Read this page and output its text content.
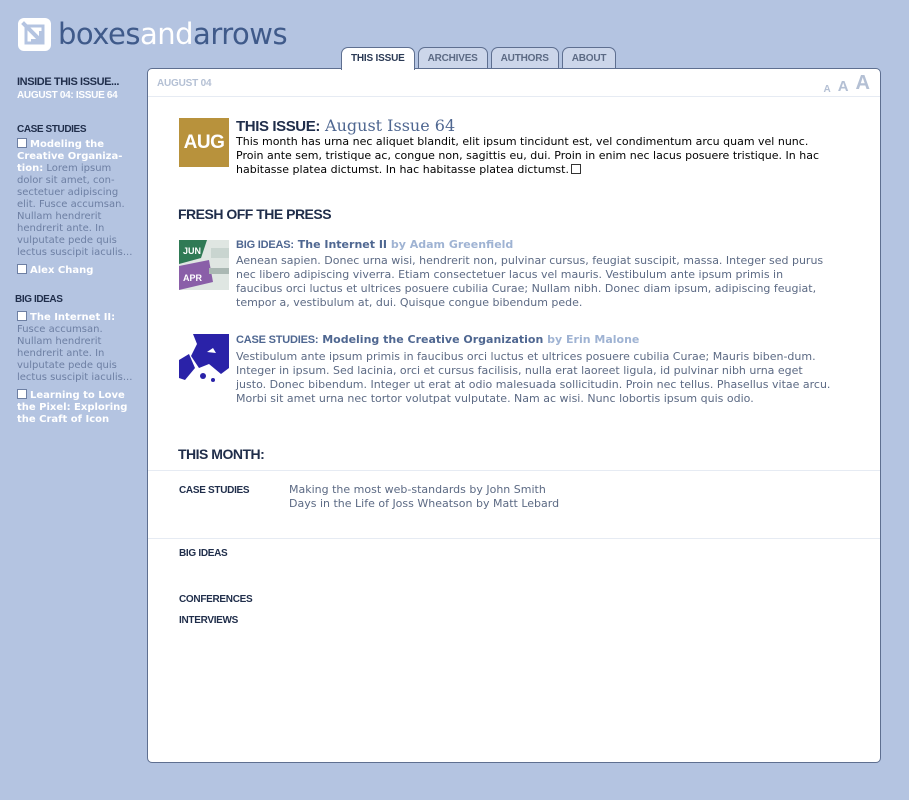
boxesandarrows
THIS ISSUE	ARCHIVES	AUTHORS	ABOUT
INSIDE THIS ISSUE...
AUGUST 04: ISSUE 64
CASE STUDIES
Modeling the Creative Organiza-tion: Lorem ipsum dolor sit amet, con-sectetuer adipiscing elit. Fusce accumsan. Nullam hendrerit hendrerit ante. In vulputate pede quis lectus suscipit iaculis...
Alex Chang
BIG IDEAS
The Internet II: Fusce accumsan. Nullam hendrerit hendrerit ante. In vulputate pede quis lectus suscipit iaculis...
Learning to Love the Pixel: Exploring the Craft of Icon
AUGUST 04
A A A
AUG
THIS ISSUE: August Issue 64
This month has urna nec aliquet blandit, elit ipsum tincidunt est, vel condimentum arcu quam vel nunc. Proin ante sem, tristique ac, congue non, sagittis eu, dui. Proin in enim nec lacus posuere tristique. In hac habitasse platea dictumst. In hac habitasse platea dictumst.
FRESH OFF THE PRESS
JUN
APR
BIG IDEAS: The Internet II by Adam Greenfield
Aenean sapien. Donec urna wisi, hendrerit non, pulvinar cursus, feugiat suscipit, massa. Integer sed purus nec libero adipiscing viverra. Etiam consectetuer lacus vel mauris. Vestibulum ante ipsum primis in faucibus orci luctus et ultrices posuere cubilia Curae; Nullam nibh. Donec diam ipsum, adipiscing feugiat, tempor a, vestibulum at, dui. Quisque congue bibendum pede.
CASE STUDIES: Modeling the Creative Organization by Erin Malone
Vestibulum ante ipsum primis in faucibus orci luctus et ultrices posuere cubilia Curae; Mauris biben-dum. Integer in ipsum. Sed lacinia, orci et cursus facilisis, nulla erat laoreet ligula, id pulvinar nibh urna eget justo. Donec bibendum. Integer ut erat at odio malesuada sollicitudin. Proin nec tellus. Phasellus vitae arcu. Morbi sit amet urna nec tortor volutpat vulputate. Nam ac wisi. Nunc lobortis ipsum quis odio.
THIS MONTH:
CASE STUDIES	Making the most web-standards by John Smith
Days in the Life of Joss Wheatson by Matt Lebard
BIG IDEAS
CONFERENCES
INTERVIEWS
